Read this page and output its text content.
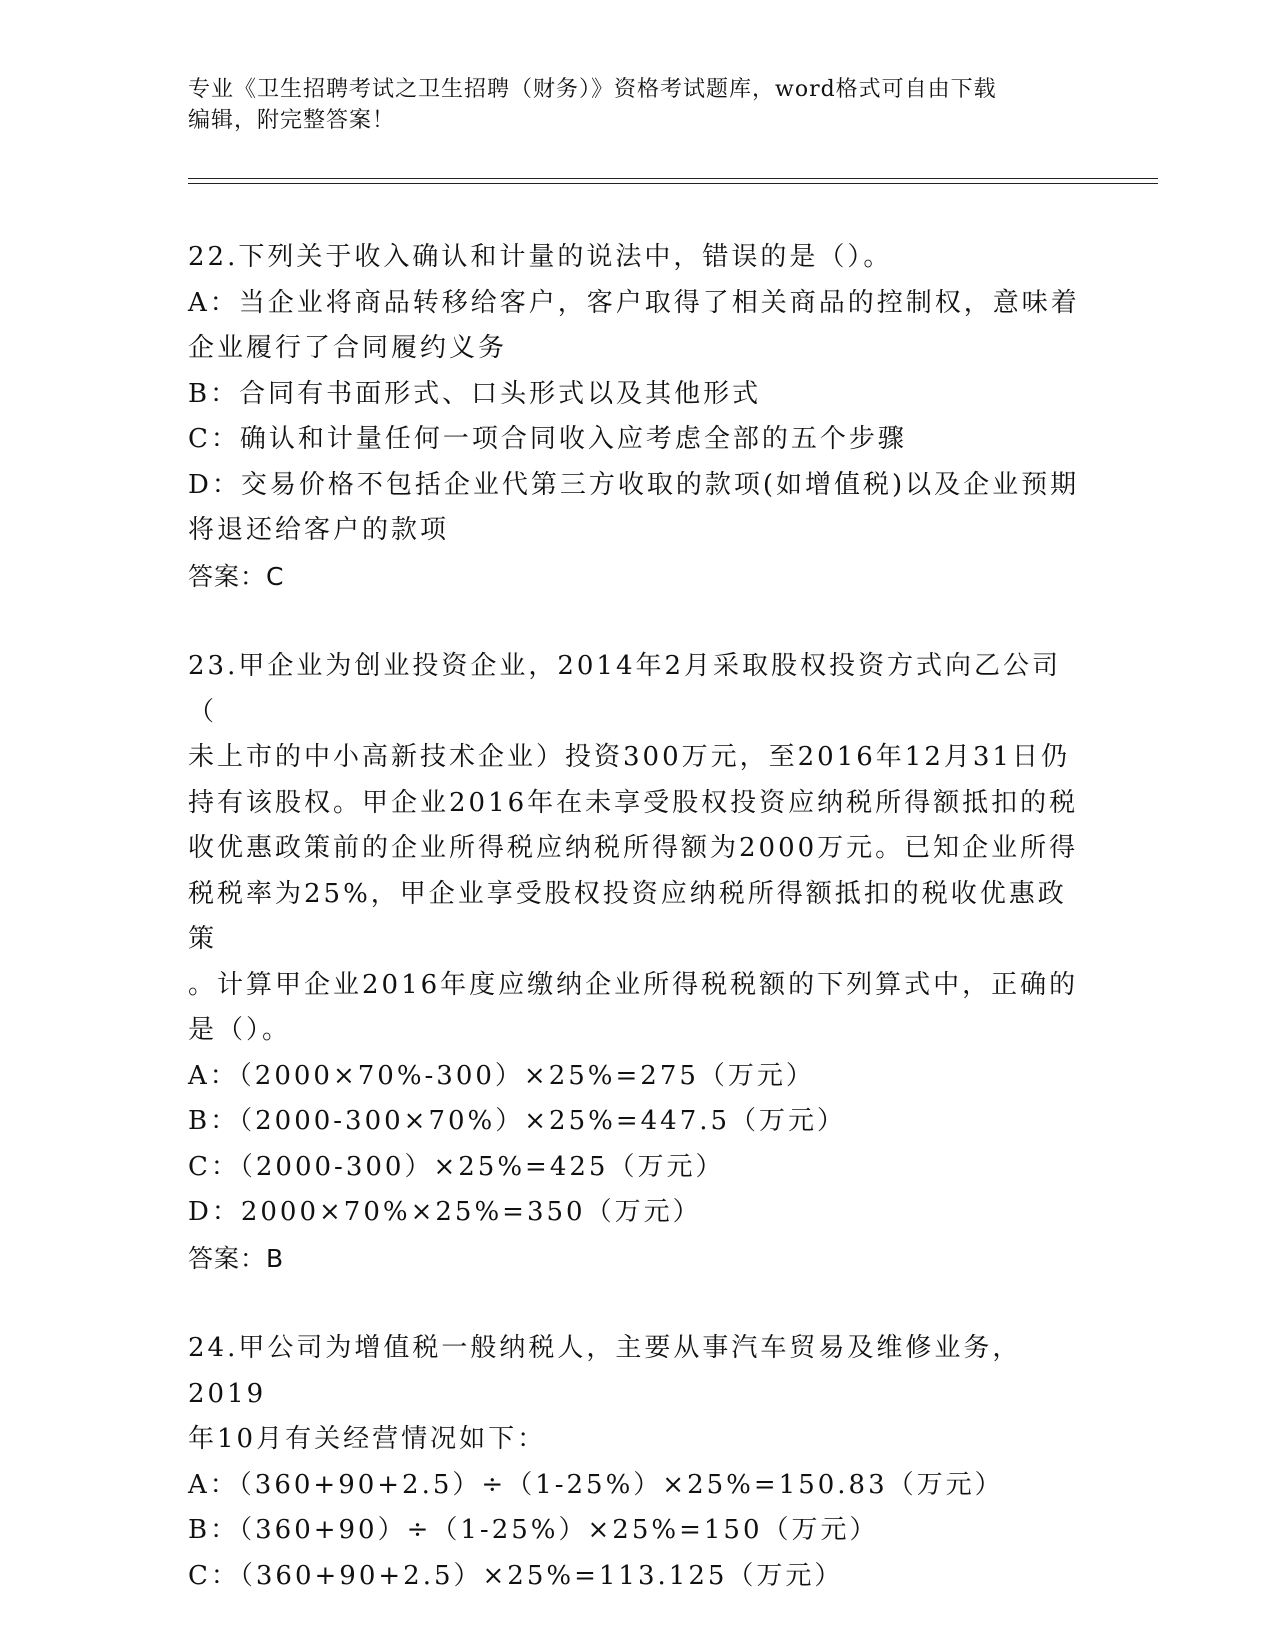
专业《卫生招聘考试之卫生招聘（财务）》资格考试题库，word格式可自由下载
编辑，附完整答案！
22.下列关于收入确认和计量的说法中，错误的是（）。
A：当企业将商品转移给客户，客户取得了相关商品的控制权，意味着
企业履行了合同履约义务
B：合同有书面形式、口头形式以及其他形式
C：确认和计量任何一项合同收入应考虑全部的五个步骤
D：交易价格不包括企业代第三方收取的款项(如增值税)以及企业预期
将退还给客户的款项
答案：C
23.甲企业为创业投资企业，2014年2月采取股权投资方式向乙公司（
未上市的中小高新技术企业）投资300万元，至2016年12月31日仍
持有该股权。甲企业2016年在未享受股权投资应纳税所得额抵扣的税
收优惠政策前的企业所得税应纳税所得额为2000万元。已知企业所得
税税率为25%，甲企业享受股权投资应纳税所得额抵扣的税收优惠政策
。计算甲企业2016年度应缴纳企业所得税税额的下列算式中，正确的
是（）。
A：（2000×70%-300）×25%=275（万元）
B：（2000-300×70%）×25%=447.5（万元）
C：（2000-300）×25%=425（万元）
D：2000×70%×25%=350（万元）
答案：B
24.甲公司为增值税一般纳税人，主要从事汽车贸易及维修业务，2019
年10月有关经营情况如下：
A：（360+90+2.5）÷（1-25%）×25%=150.83（万元）
B：（360+90）÷（1-25%）×25%=150（万元）
C：（360+90+2.5）×25%=113.125（万元）
